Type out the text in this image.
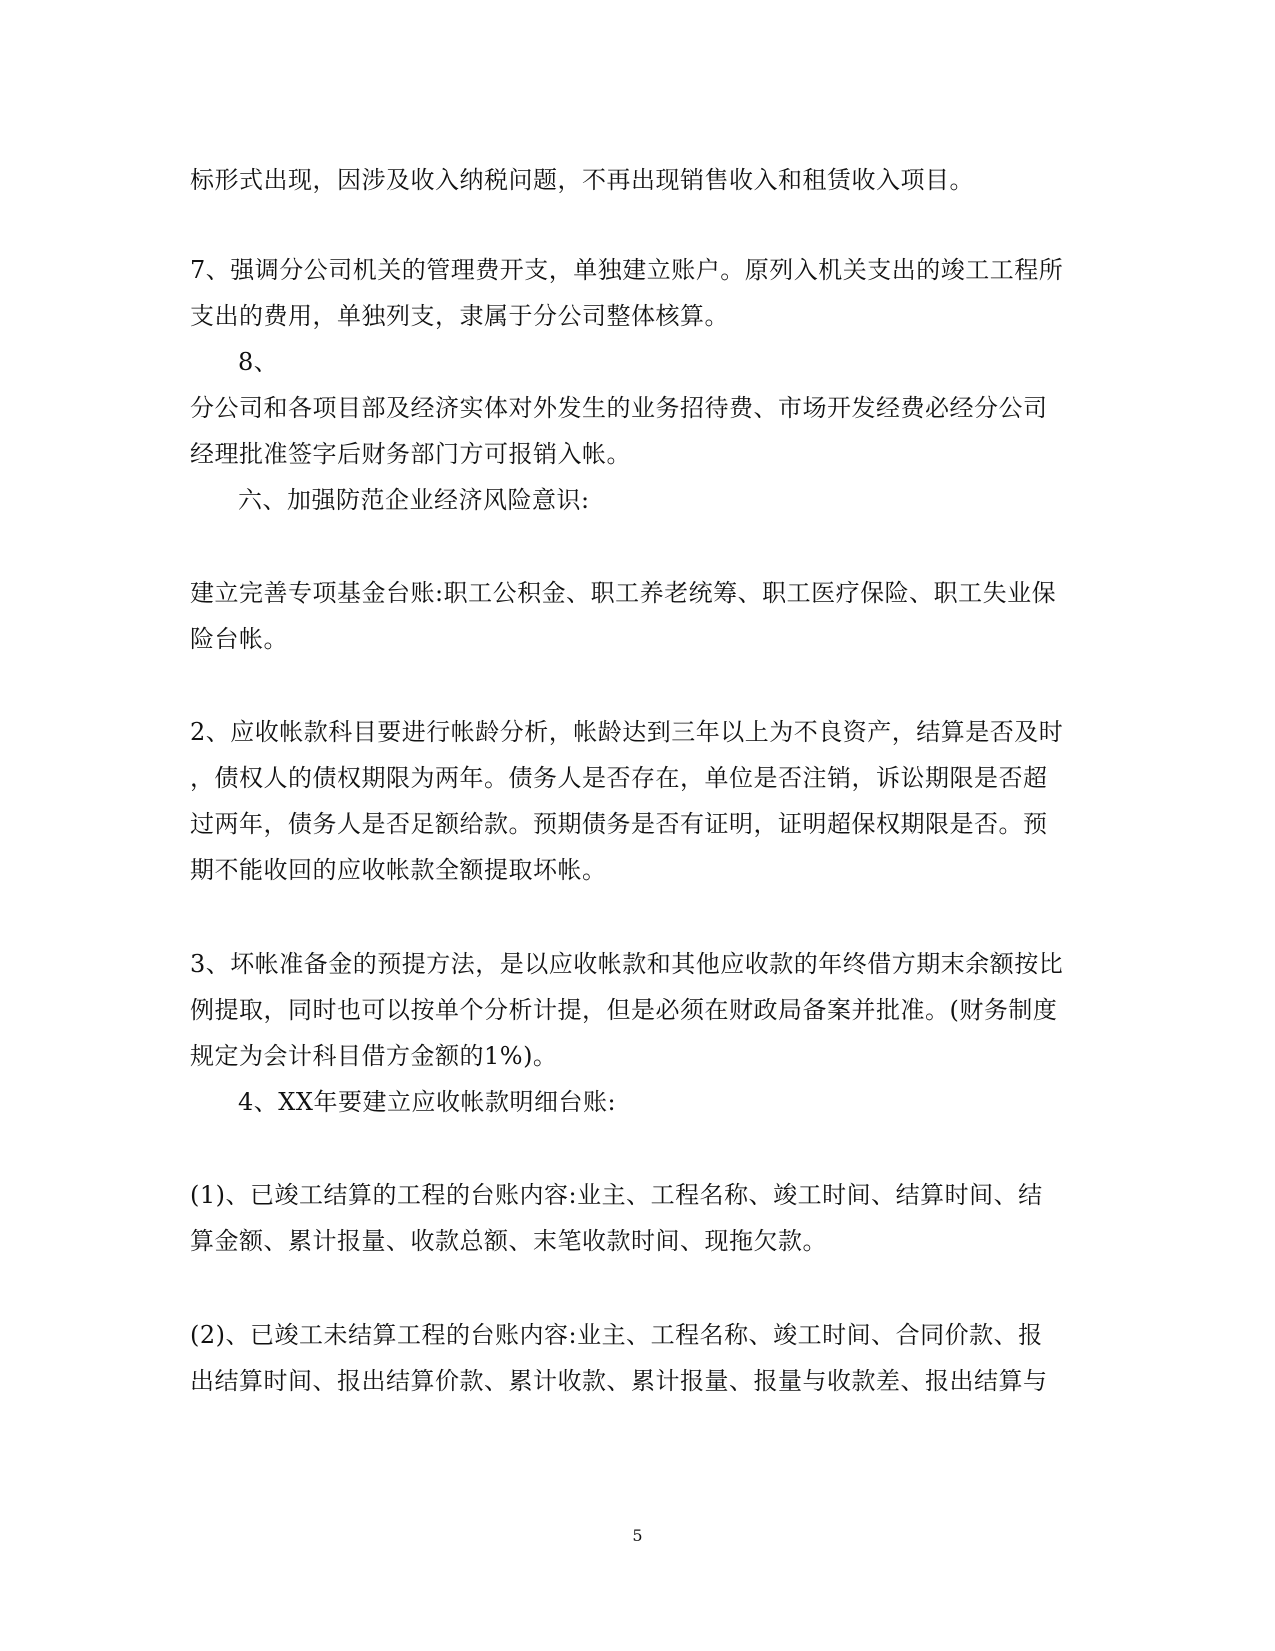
标形式出现，因涉及收入纳税问题，不再出现销售收入和租赁收入项目。
7、强调分公司机关的管理费开支，单独建立账户。原列入机关支出的竣工工程所
支出的费用，单独列支，隶属于分公司整体核算。
8、
分公司和各项目部及经济实体对外发生的业务招待费、市场开发经费必经分公司
经理批准签字后财务部门方可报销入帐。
六、加强防范企业经济风险意识:
建立完善专项基金台账:职工公积金、职工养老统筹、职工医疗保险、职工失业保
险台帐。
2、应收帐款科目要进行帐龄分析，帐龄达到三年以上为不良资产，结算是否及时
，债权人的债权期限为两年。债务人是否存在，单位是否注销，诉讼期限是否超
过两年，债务人是否足额给款。预期债务是否有证明，证明超保权期限是否。预
期不能收回的应收帐款全额提取坏帐。
3、坏帐准备金的预提方法，是以应收帐款和其他应收款的年终借方期末余额按比
例提取，同时也可以按单个分析计提，但是必须在财政局备案并批准。(财务制度
规定为会计科目借方金额的1%)。
4、XX年要建立应收帐款明细台账:
(1)、已竣工结算的工程的台账内容:业主、工程名称、竣工时间、结算时间、结
算金额、累计报量、收款总额、末笔收款时间、现拖欠款。
(2)、已竣工未结算工程的台账内容:业主、工程名称、竣工时间、合同价款、报
出结算时间、报出结算价款、累计收款、累计报量、报量与收款差、报出结算与
5
